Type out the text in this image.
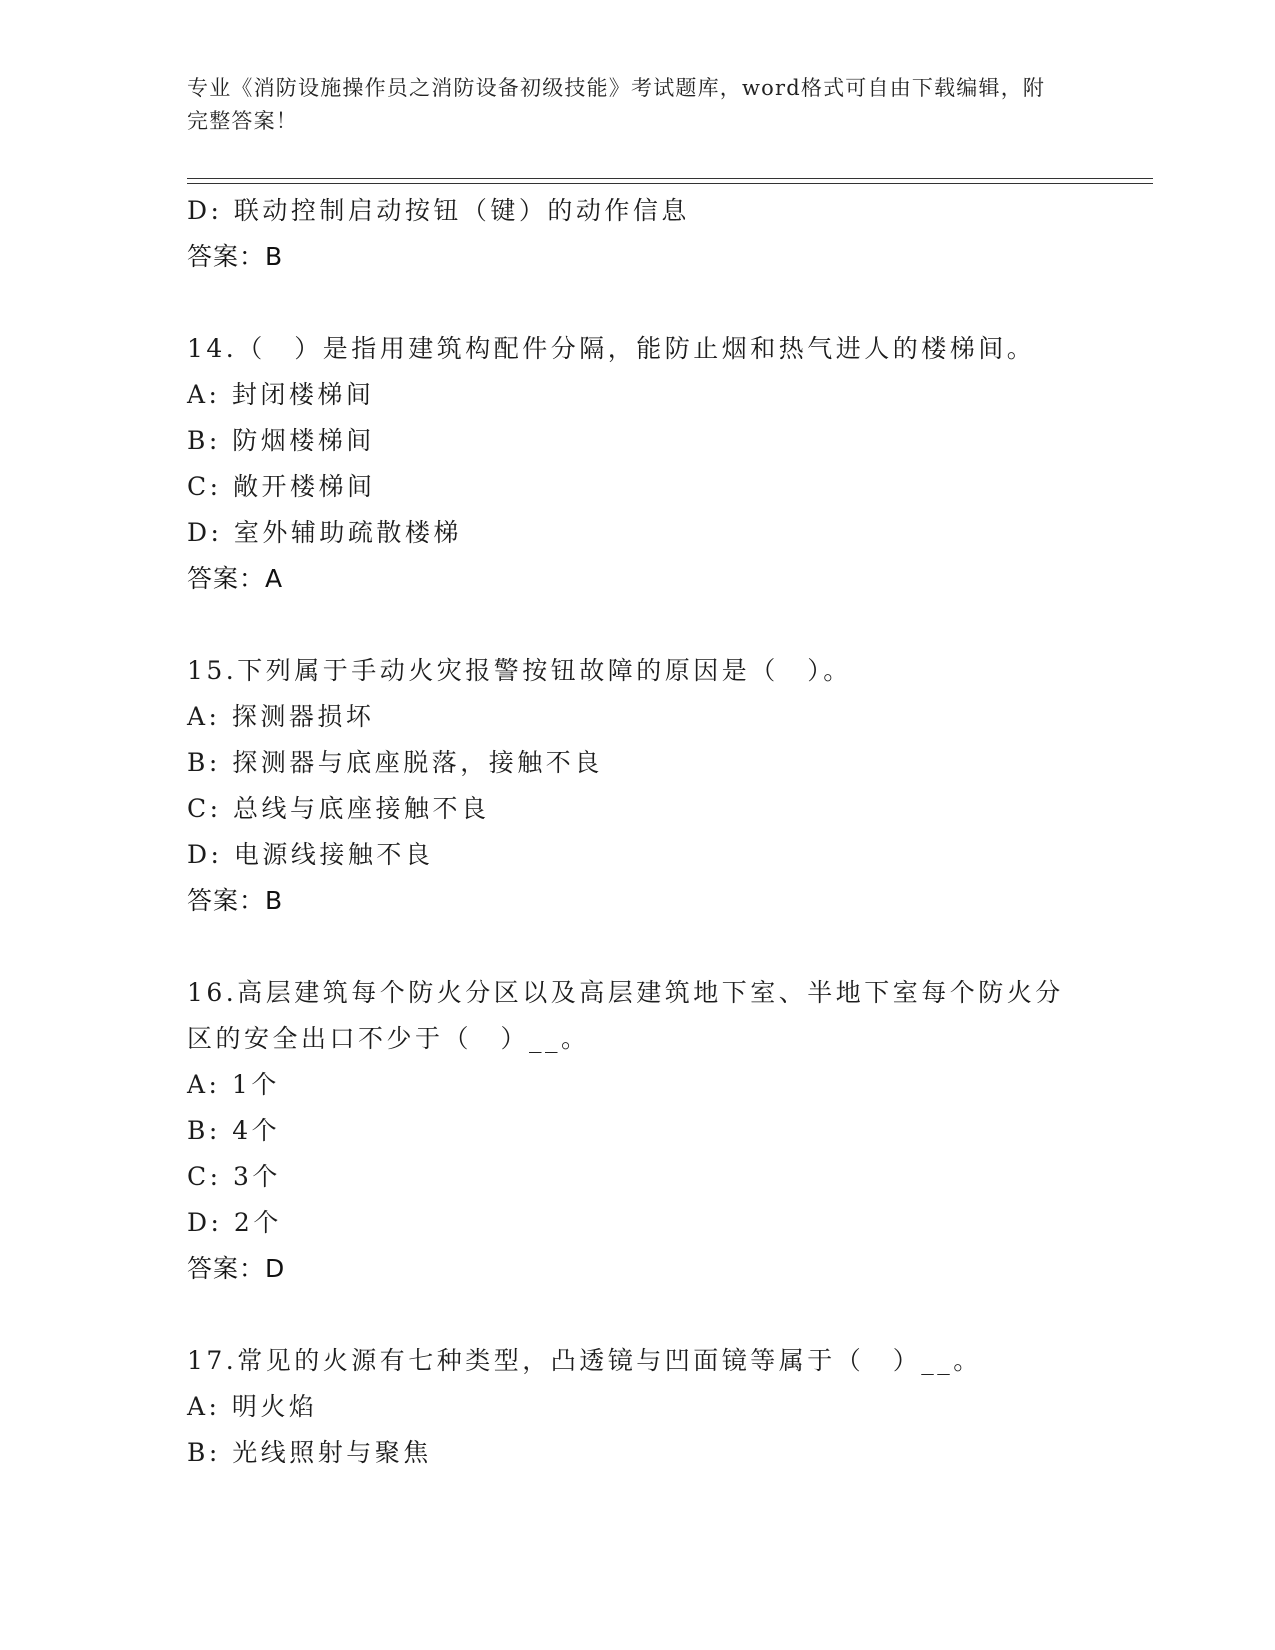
专业《消防设施操作员之消防设备初级技能》考试题库，word格式可自由下载编辑，附完整答案！
D: 联动控制启动按钮（键）的动作信息
答案：B
14.（　）是指用建筑构配件分隔，能防止烟和热气进人的楼梯间。
A: 封闭楼梯间
B: 防烟楼梯间
C: 敞开楼梯间
D: 室外辅助疏散楼梯
答案：A
15.下列属于手动火灾报警按钮故障的原因是（　）。
A: 探测器损坏
B: 探测器与底座脱落，接触不良
C: 总线与底座接触不良
D: 电源线接触不良
答案：B
16.高层建筑每个防火分区以及高层建筑地下室、半地下室每个防火分
区的安全出口不少于（　）__。
A: 1个
B: 4个
C: 3个
D: 2个
答案：D
17.常见的火源有七种类型，凸透镜与凹面镜等属于（　）__。
A: 明火焰
B: 光线照射与聚焦
